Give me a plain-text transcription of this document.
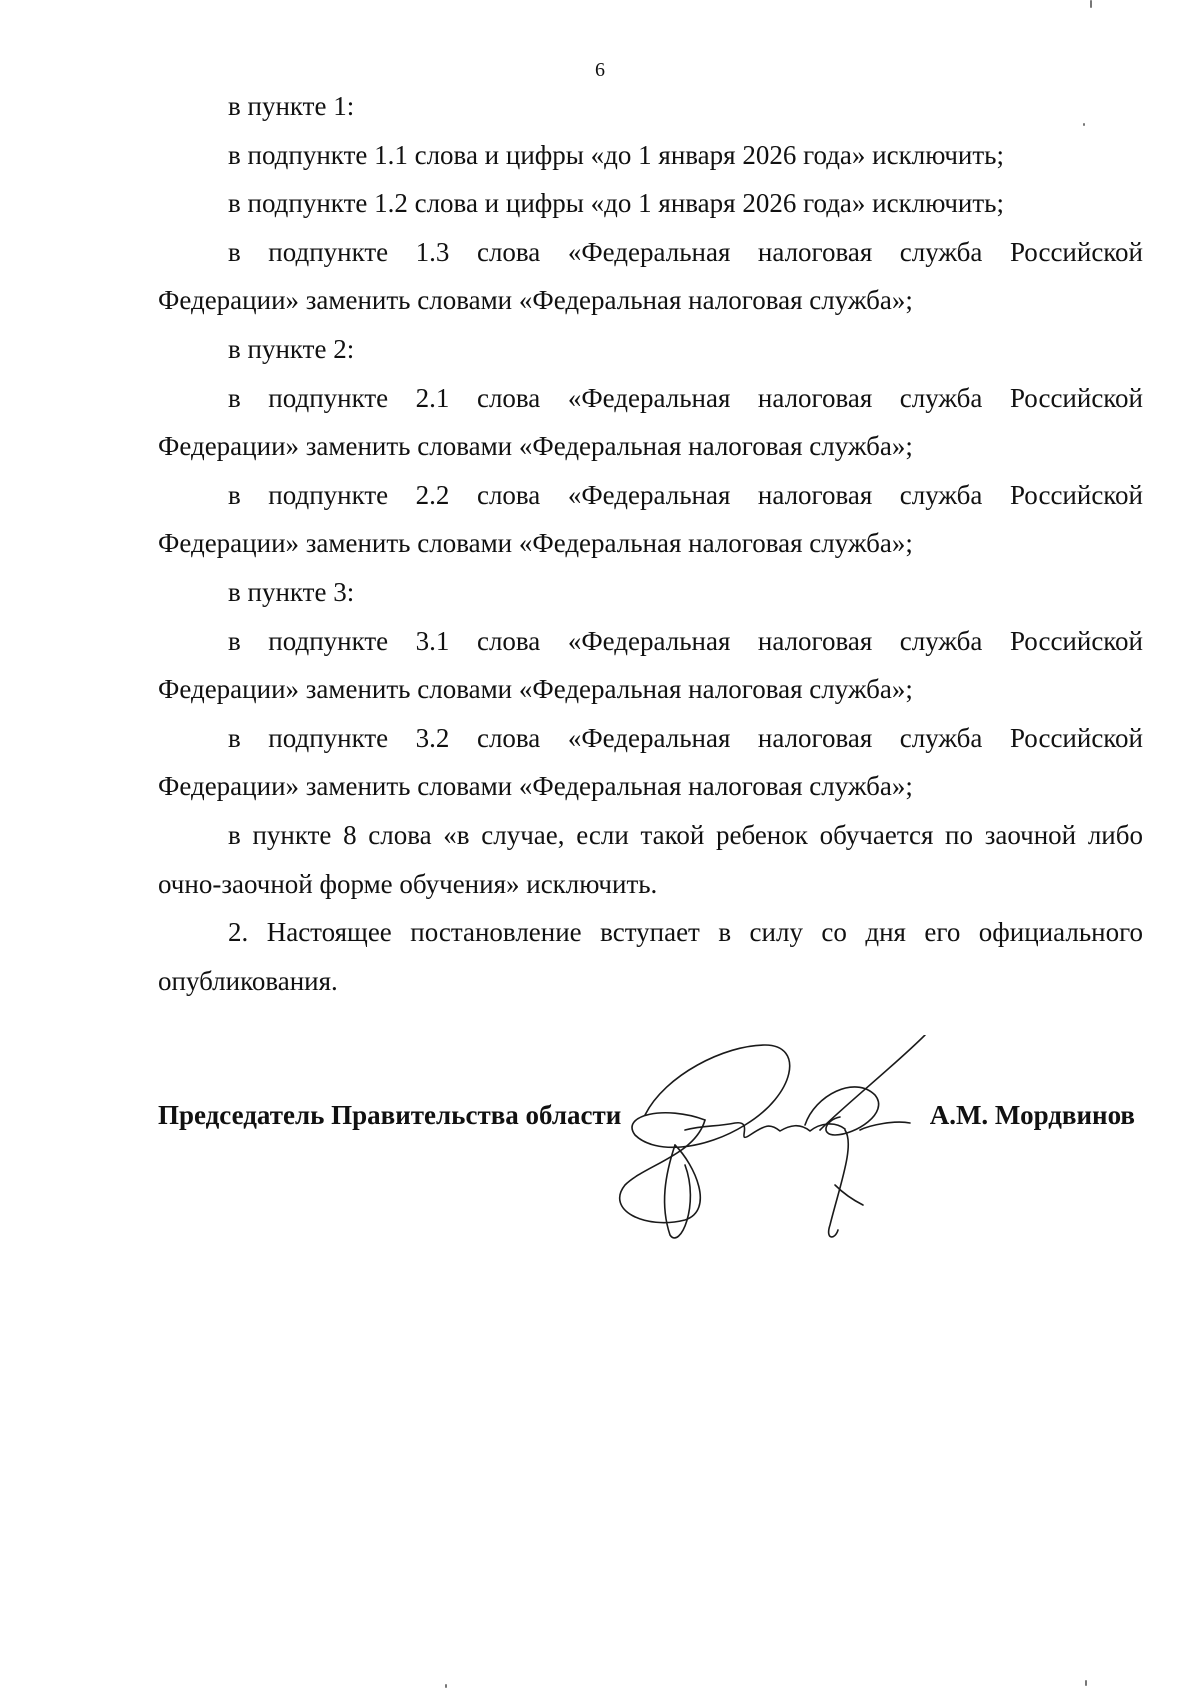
6

в пункте 1:

в подпункте 1.1 слова и цифры «до 1 января 2026 года» исключить;

в подпункте 1.2 слова и цифры «до 1 января 2026 года» исключить;

в подпункте 1.3 слова «Федеральная налоговая служба Российской Федерации» заменить словами «Федеральная налоговая служба»;

в пункте 2:

в подпункте 2.1 слова «Федеральная налоговая служба Российской Федерации» заменить словами «Федеральная налоговая служба»;

в подпункте 2.2 слова «Федеральная налоговая служба Российской Федерации» заменить словами «Федеральная налоговая служба»;

в пункте 3:

в подпункте 3.1 слова «Федеральная налоговая служба Российской Федерации» заменить словами «Федеральная налоговая служба»;

в подпункте 3.2 слова «Федеральная налоговая служба Российской Федерации» заменить словами «Федеральная налоговая служба»;

в пункте 8 слова «в случае, если такой ребенок обучается по заочной либо очно-заочной форме обучения» исключить.

2. Настоящее постановление вступает в силу со дня его официального опубликования.

Председатель Правительства области	А.М. Мордвинов
